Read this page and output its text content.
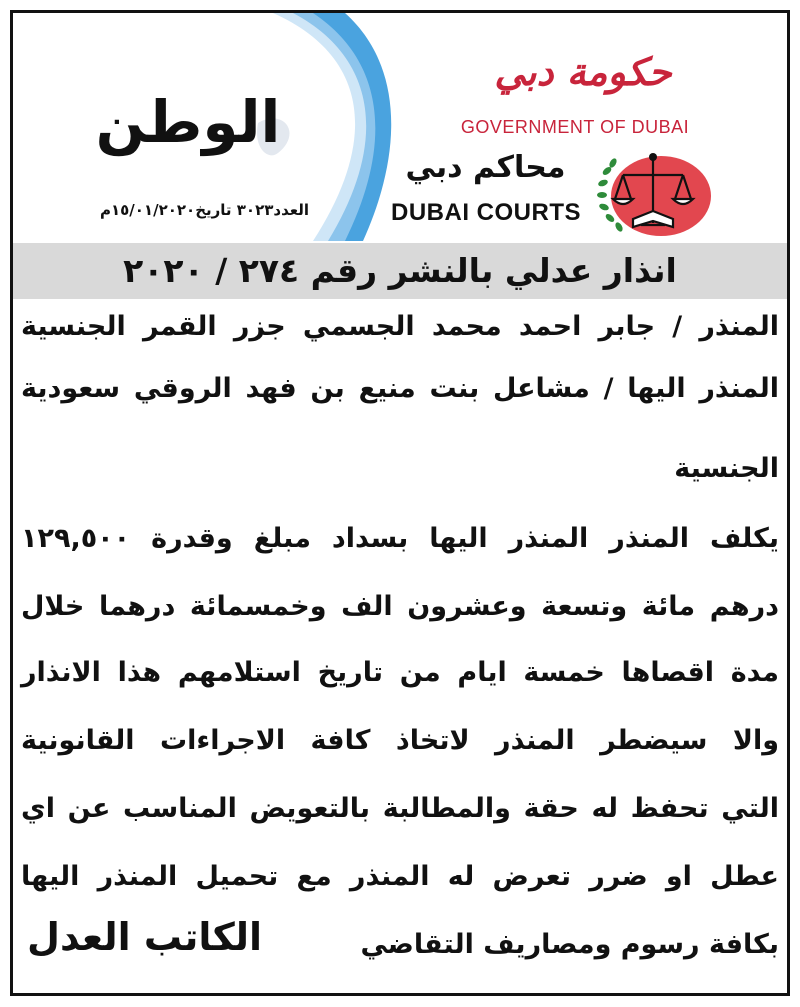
الوطن
العدد٣٠٢٣ تاريخ١٥/٠١/٢٠٢٠م
حكومة دبي
GOVERNMENT OF DUBAI
محاكم دبي
DUBAI COURTS
انذار عدلي بالنشر رقم ٢٧٤ / ٢٠٢٠
المنذر / جابر احمد محمد الجسمي جزر القمر الجنسية
المنذر اليها / مشاعل بنت منيع بن فهد الروقي سعودية
الجنسية
يكلف المنذر المنذر اليها بسداد مبلغ وقدرة ١٢٩,٥٠٠
درهم مائة وتسعة وعشرون الف وخمسمائة درهما خلال
مدة اقصاها خمسة ايام من تاريخ استلامهم هذا الانذار
والا سيضطر المنذر لاتخاذ كافة الاجراءات القانونية
التي تحفظ له حقة والمطالبة بالتعويض المناسب عن اي
عطل او ضرر تعرض له المنذر مع تحميل المنذر اليها
بكافة رسوم ومصاريف التقاضي
الكاتب العدل
